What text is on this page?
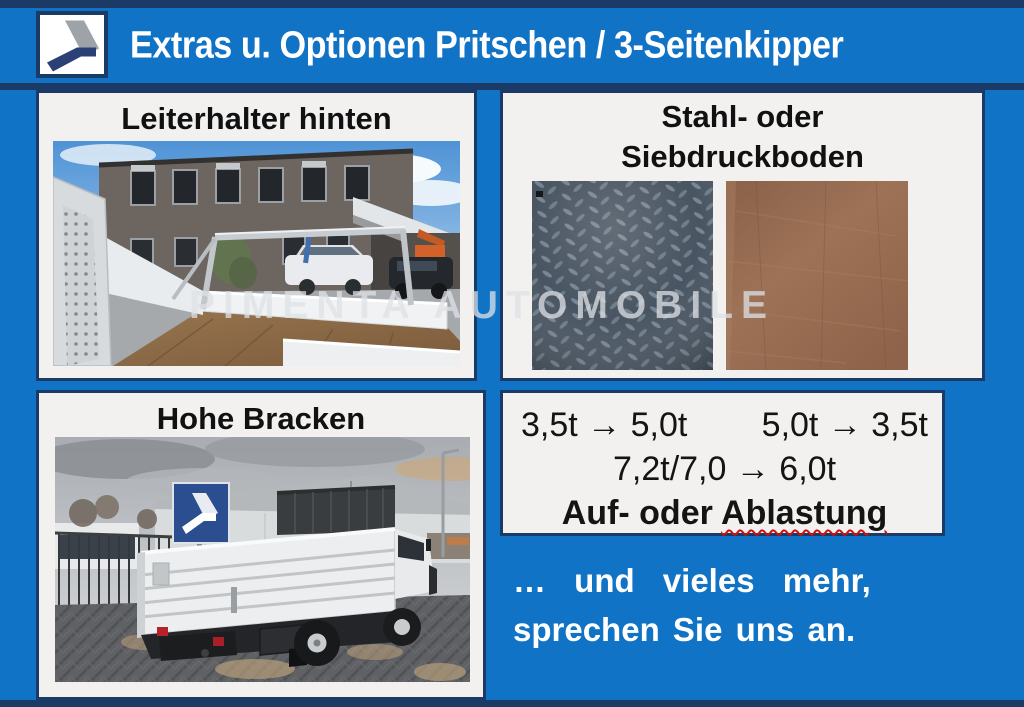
Extras u. Optionen Pritschen / 3-Seitenkipper
Leiterhalter hinten	Stahl- oder
Siebdruckboden
Hohe Bracken	3,5t → 5,0t 5,0t → 3,5t
7,2t/7,0 → 6,0t
Auf- oder Ablastung
… und vieles mehr,
sprechen Sie uns an.
PIMENTA AUTOMOBILE
